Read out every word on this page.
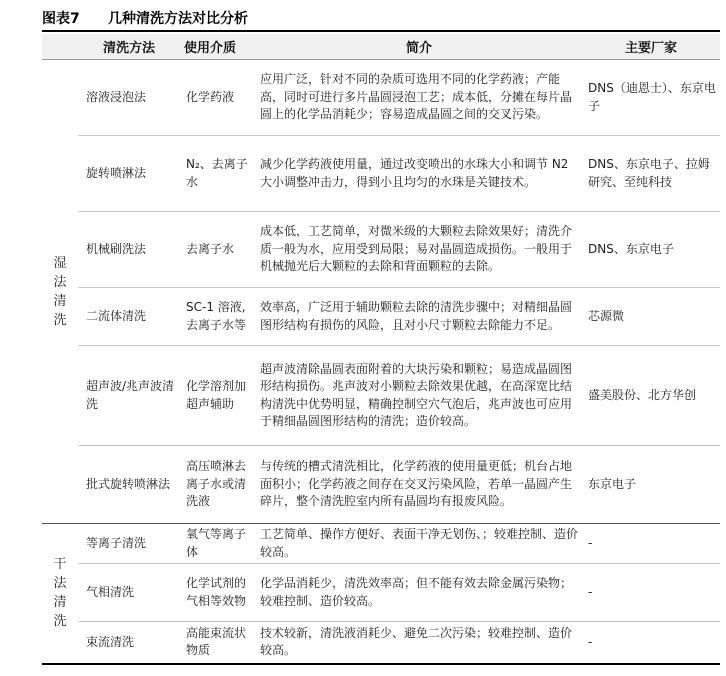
图表7 几种清洗方法对比分析
	清洗方法	使用介质	简介	主要厂家
湿法清洗	溶液浸泡法	化学药液	应用广泛，针对不同的杂质可选用不同的化学药液；产能高，同时可进行多片晶圆浸泡工艺；成本低，分摊在每片晶圆上的化学品消耗少；容易造成晶圆之间的交叉污染。	DNS（迪恩士）、东京电子
	旋转喷淋法	N₂、去离子水	减少化学药液使用量，通过改变喷出的水珠大小和调节 N2 大小调整冲击力，得到小且均匀的水珠是关键技术。	DNS、东京电子、拉姆研究、至纯科技
	机械刷洗法	去离子水	成本低，工艺简单，对微米级的大颗粒去除效果好；清洗介质一般为水，应用受到局限；易对晶圆造成损伤。一般用于机械抛光后大颗粒的去除和背面颗粒的去除。	DNS、东京电子
	二流体清洗	SC-1 溶液,去离子水等	效率高，广泛用于辅助颗粒去除的清洗步骤中；对精细晶圆图形结构有损伤的风险，且对小尺寸颗粒去除能力不足。	芯源微
	超声波/兆声波清洗	化学溶剂加超声辅助	超声波清除晶圆表面附着的大块污染和颗粒；易造成晶圆图形结构损伤。兆声波对小颗粒去除效果优越，在高深宽比结构清洗中优势明显，精确控制空穴气泡后，兆声波也可应用于精细晶圆图形结构的清洗；造价较高。	盛美股份、北方华创
	批式旋转喷淋法	高压喷淋去离子水或清洗液	与传统的槽式清洗相比，化学药液的使用量更低；机台占地面积小；化学药液之间存在交叉污染风险，若单一晶圆产生碎片，整个清洗腔室内所有晶圆均有报废风险。	东京电子
干法清洗	等离子清洗	氧气等离子体	工艺简单、操作方便好、表面干净无划伤、；较难控制、造价较高。	-
	气相清洗	化学试剂的气相等效物	化学品消耗少，清洗效率高；但不能有效去除金属污染物；较难控制、造价较高。	-
	束流清洗	高能束流状物质	技术较新，清洗液消耗少、避免二次污染；较难控制、造价较高。	-
